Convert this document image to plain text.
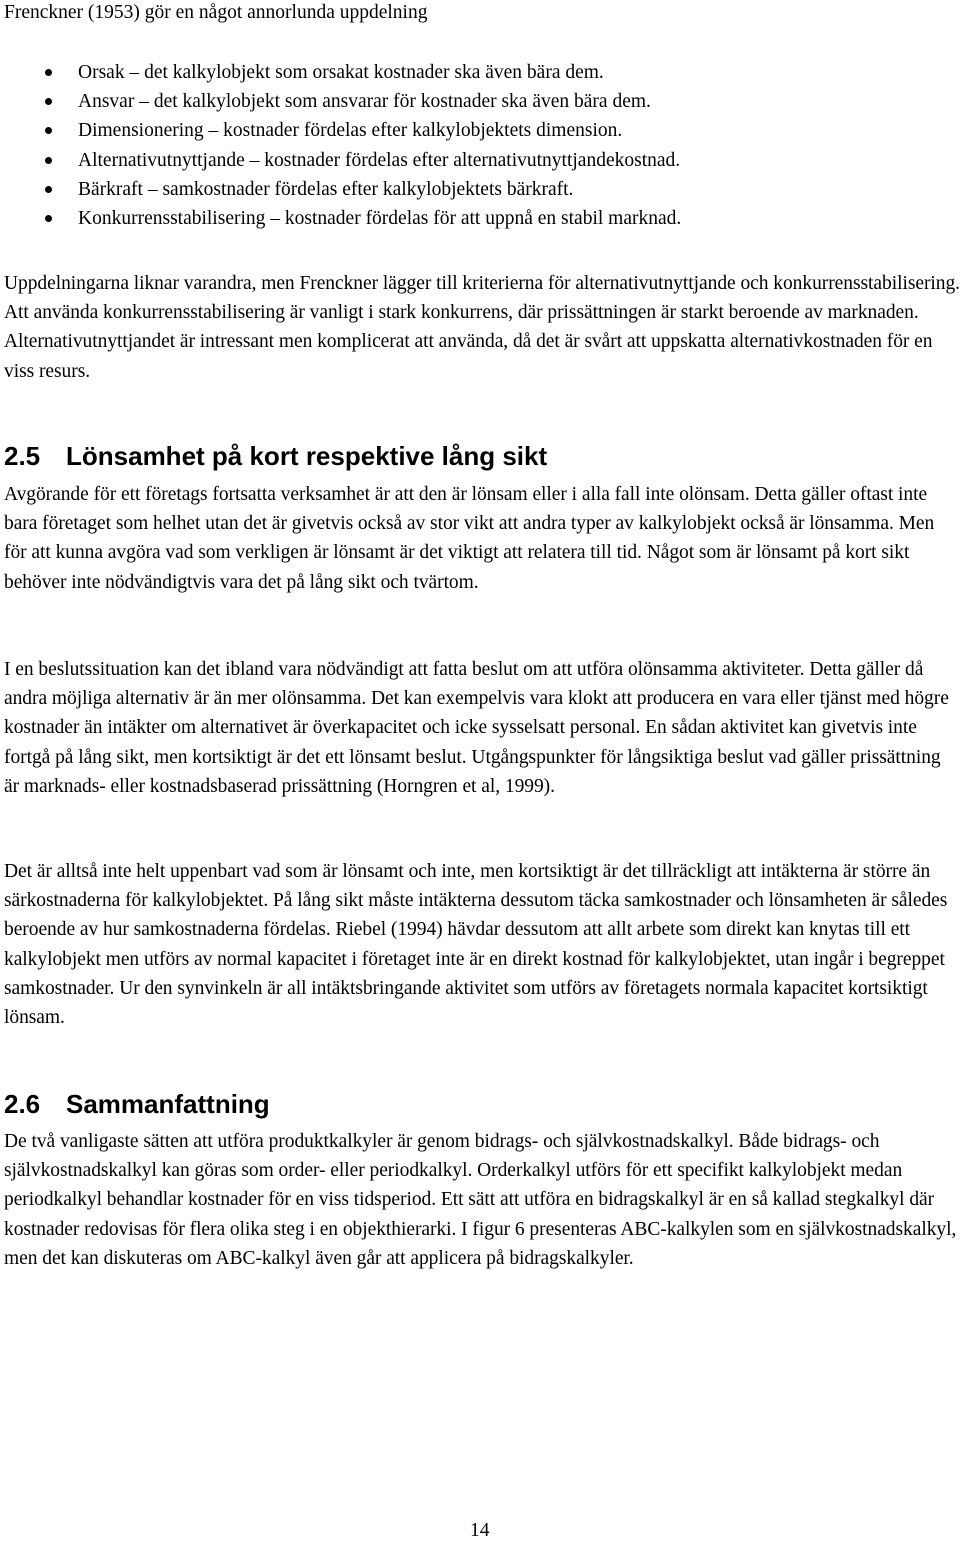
Frenckner (1953) gör en något annorlunda uppdelning

Orsak – det kalkylobjekt som orsakat kostnader ska även bära dem.
Ansvar – det kalkylobjekt som ansvarar för kostnader ska även bära dem.
Dimensionering – kostnader fördelas efter kalkylobjektets dimension.
Alternativutnyttjande – kostnader fördelas efter alternativutnyttjandekostnad.
Bärkraft – samkostnader fördelas efter kalkylobjektets bärkraft.
Konkurrensstabilisering – kostnader fördelas för att uppnå en stabil marknad.

Uppdelningarna liknar varandra, men Frenckner lägger till kriterierna för alternativutnyttjande och konkurrensstabilisering. Att använda konkurrensstabilisering är vanligt i stark konkurrens, där prissättningen är starkt beroende av marknaden. Alternativutnyttjandet är intressant men komplicerat att använda, då det är svårt att uppskatta alternativkostnaden för en viss resurs.

2.5 Lönsamhet på kort respektive lång sikt

Avgörande för ett företags fortsatta verksamhet är att den är lönsam eller i alla fall inte olönsam. Detta gäller oftast inte bara företaget som helhet utan det är givetvis också av stor vikt att andra typer av kalkylobjekt också är lönsamma. Men för att kunna avgöra vad som verkligen är lönsamt är det viktigt att relatera till tid. Något som är lönsamt på kort sikt behöver inte nödvändigtvis vara det på lång sikt och tvärtom.

I en beslutssituation kan det ibland vara nödvändigt att fatta beslut om att utföra olönsamma aktiviteter. Detta gäller då andra möjliga alternativ är än mer olönsamma. Det kan exempelvis vara klokt att producera en vara eller tjänst med högre kostnader än intäkter om alternativet är överkapacitet och icke sysselsatt personal. En sådan aktivitet kan givetvis inte fortgå på lång sikt, men kortsiktigt är det ett lönsamt beslut. Utgångspunkter för långsiktiga beslut vad gäller prissättning är marknads- eller kostnadsbaserad prissättning (Horngren et al, 1999).

Det är alltså inte helt uppenbart vad som är lönsamt och inte, men kortsiktigt är det tillräckligt att intäkterna är större än särkostnaderna för kalkylobjektet. På lång sikt måste intäkterna dessutom täcka samkostnader och lönsamheten är således beroende av hur samkostnaderna fördelas. Riebel (1994) hävdar dessutom att allt arbete som direkt kan knytas till ett kalkylobjekt men utförs av normal kapacitet i företaget inte är en direkt kostnad för kalkylobjektet, utan ingår i begreppet samkostnader. Ur den synvinkeln är all intäktsbringande aktivitet som utförs av företagets normala kapacitet kortsiktigt lönsam.

2.6 Sammanfattning

De två vanligaste sätten att utföra produktkalkyler är genom bidrags- och självkostnadskalkyl. Både bidrags- och självkostnadskalkyl kan göras som order- eller periodkalkyl. Orderkalkyl utförs för ett specifikt kalkylobjekt medan periodkalkyl behandlar kostnader för en viss tidsperiod. Ett sätt att utföra en bidragskalkyl är en så kallad stegkalkyl där kostnader redovisas för flera olika steg i en objekthierarki. I figur 6 presenteras ABC-kalkylen som en självkostnadskalkyl, men det kan diskuteras om ABC-kalkyl även går att applicera på bidragskalkyler.

14
